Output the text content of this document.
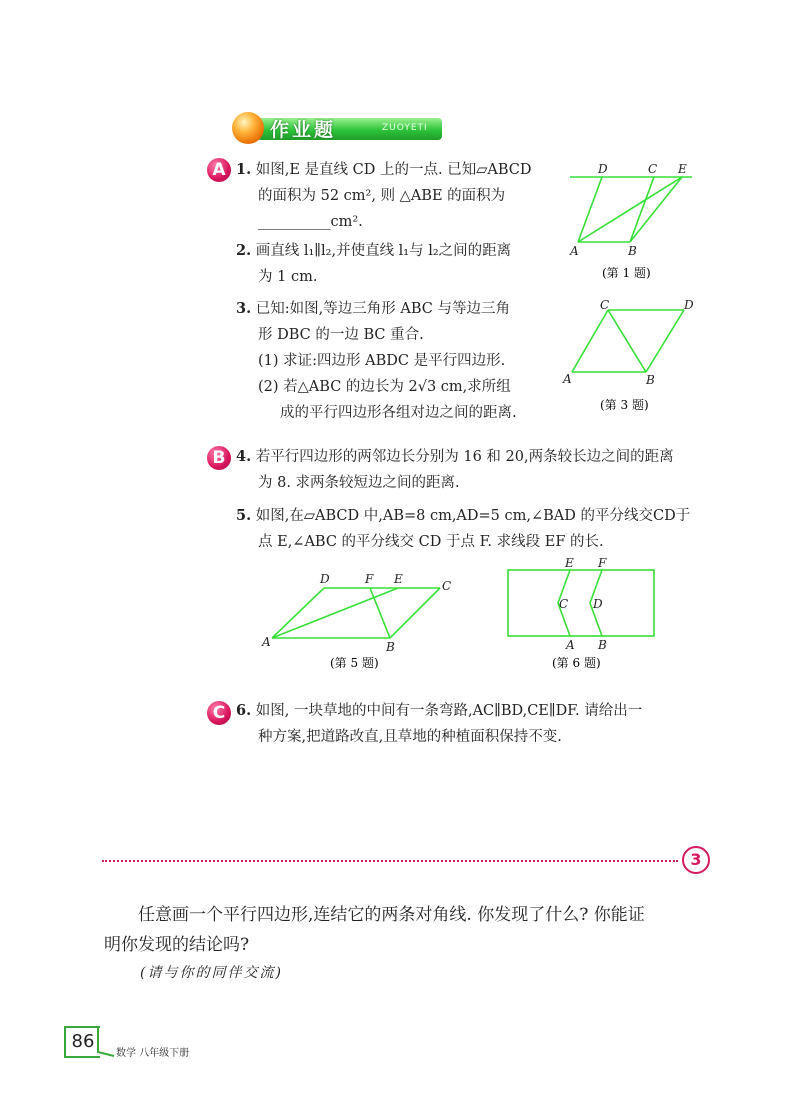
作业题	ZUOYETI
A 1. 如图,E 是直线 CD 上的一点. 已知▱ABCD
的面积为 52 cm², 则 △ABE 的面积为
__________cm².
2. 画直线 l₁∥l₂,并使直线 l₁与 l₂之间的距离
为 1 cm.
3. 已知:如图,等边三角形 ABC 与等边三角
形 DBC 的一边 BC 重合.
(1) 求证:四边形 ABDC 是平行四边形.
(2) 若△ABC 的边长为 2√3 cm,求所组
成的平行四边形各组对边之间的距离.
D	C E
A	B
(第 1 题)
C	D
A	B
(第 3 题)
B 4. 若平行四边形的两邻边长分别为 16 和 20,两条较长边之间的距离
为 8. 求两条较短边之间的距离.
5. 如图,在▱ABCD 中,AB=8 cm,AD=5 cm,∠BAD 的平分线交CD于
点 E,∠ABC 的平分线交 CD 于点 F. 求线段 EF 的长.
D	F E	C
A	B
(第 5 题)
E F
C D
A B
(第 6 题)
C 6. 如图, 一块草地的中间有一条弯路,AC∥BD,CE∥DF. 请给出一
种方案,把道路改直,且草地的种植面积保持不变.
3
任意画一个平行四边形,连结它的两条对角线. 你发现了什么? 你能证
明你发现的结论吗?
(请与你的同伴交流)
86
数学 八年级下册
